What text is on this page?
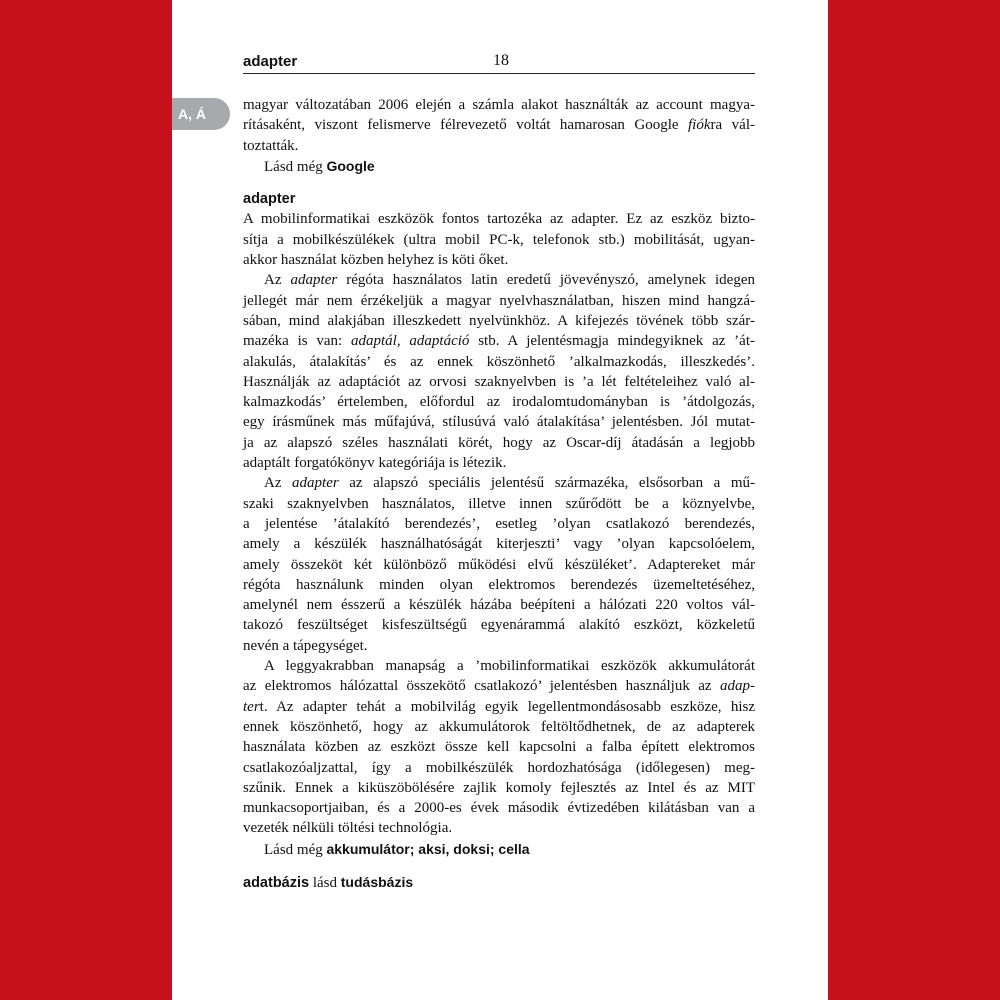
adapter	18
A, Á
magyar változatában 2006 elején a számla alakot használták az account magya-
rításaként, viszont felismerve félrevezető voltát hamarosan Google fiókra vál-
toztatták.
Lásd még Google
adapter
A mobilinformatikai eszközök fontos tartozéka az adapter. Ez az eszköz bizto-
sítja a mobilkészülékek (ultra mobil PC-k, telefonok stb.) mobilitását, ugyan-
akkor használat közben helyhez is köti őket.
Az adapter régóta használatos latin eredetű jövevényszó, amelynek idegen
jellegét már nem érzékeljük a magyar nyelvhasználatban, hiszen mind hangzá-
sában, mind alakjában illeszkedett nyelvünkhöz. A kifejezés tövének több szár-
mazéka is van: adaptál, adaptáció stb. A jelentésmagja mindegyiknek az ’át-
alakulás, átalakítás’ és az ennek köszönhető ’alkalmazkodás, illeszkedés’.
Használják az adaptációt az orvosi szaknyelvben is ’a lét feltételeihez való al-
kalmazkodás’ értelemben, előfordul az irodalomtudományban is ’átdolgozás,
egy írásműnek más műfajúvá, stílusúvá való átalakítása’ jelentésben. Jól mutat-
ja az alapszó széles használati körét, hogy az Oscar-díj átadásán a legjobb
adaptált forgatókönyv kategóriája is létezik.
Az adapter az alapszó speciális jelentésű származéka, elsősorban a mű-
szaki szaknyelvben használatos, illetve innen szűrődött be a köznyelvbe,
a jelentése ’átalakító berendezés’, esetleg ’olyan csatlakozó berendezés,
amely a készülék használhatóságát kiterjeszti’ vagy ’olyan kapcsolóelem,
amely összeköt két különböző működési elvű készüléket’. Adaptereket már
régóta használunk minden olyan elektromos berendezés üzemeltetéséhez,
amelynél nem ésszerű a készülék házába beépíteni a hálózati 220 voltos vál-
takozó feszültséget kisfeszültségű egyenárammá alakító eszközt, közkeletű
nevén a tápegységet.
A leggyakrabban manapság a ’mobilinformatikai eszközök akkumulátorát
az elektromos hálózattal összekötő csatlakozó’ jelentésben használjuk az adap-
tert. Az adapter tehát a mobilvilág egyik legellentmondásosabb eszköze, hisz
ennek köszönhető, hogy az akkumulátorok feltöltődhetnek, de az adapterek
használata közben az eszközt össze kell kapcsolni a falba épített elektromos
csatlakozóaljzattal, így a mobilkészülék hordozhatósága (időlegesen) meg-
szűnik. Ennek a kiküszöbölésére zajlik komoly fejlesztés az Intel és az MIT
munkacsoportjaiban, és a 2000-es évek második évtizedében kilátásban van a
vezeték nélküli töltési technológia.
Lásd még akkumulátor; aksi, doksi; cella
adatbázis lásd tudásbázis
